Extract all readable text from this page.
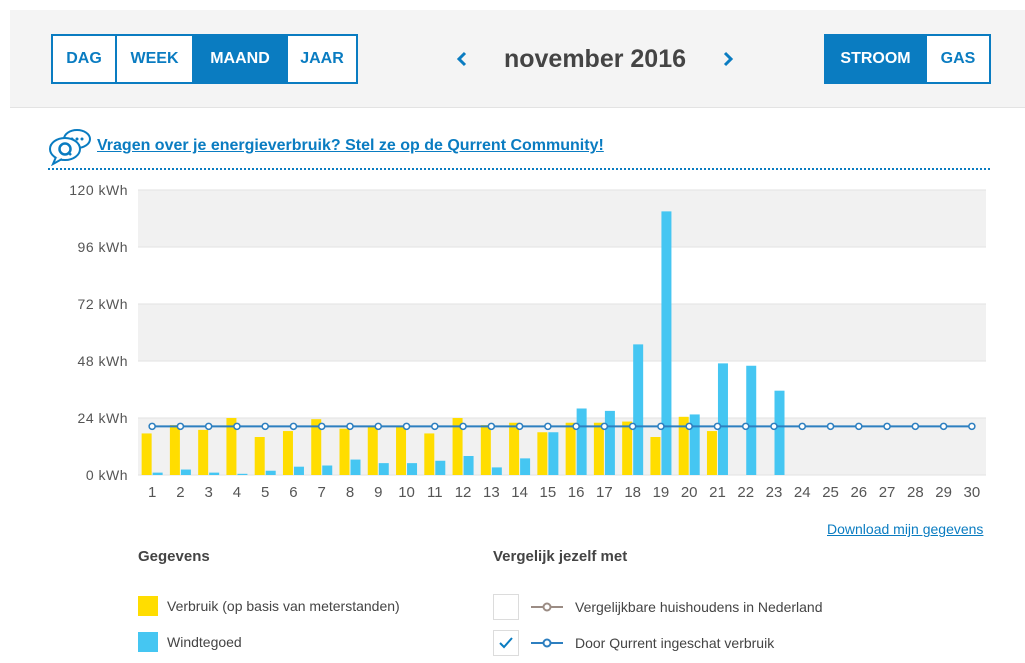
DAG	WEEK	MAAND	JAAR	november 2016	STROOM	GAS
Vragen over je energieverbruik? Stel ze op de Qurrent Community!
0 kWh
24 kWh
48 kWh
72 kWh
96 kWh
120 kWh
1 2 3 4 5 6 7 8 9 10 11 12 13 14 15 16 17 18 19 20 21 22 23 24 25 26 27 28 29 30
Download mijn gegevens
Gegevens
Verbruik (op basis van meterstanden)
Windtegoed
Vergelijk jezelf met
Vergelijkbare huishoudens in Nederland
Door Qurrent ingeschat verbruik
